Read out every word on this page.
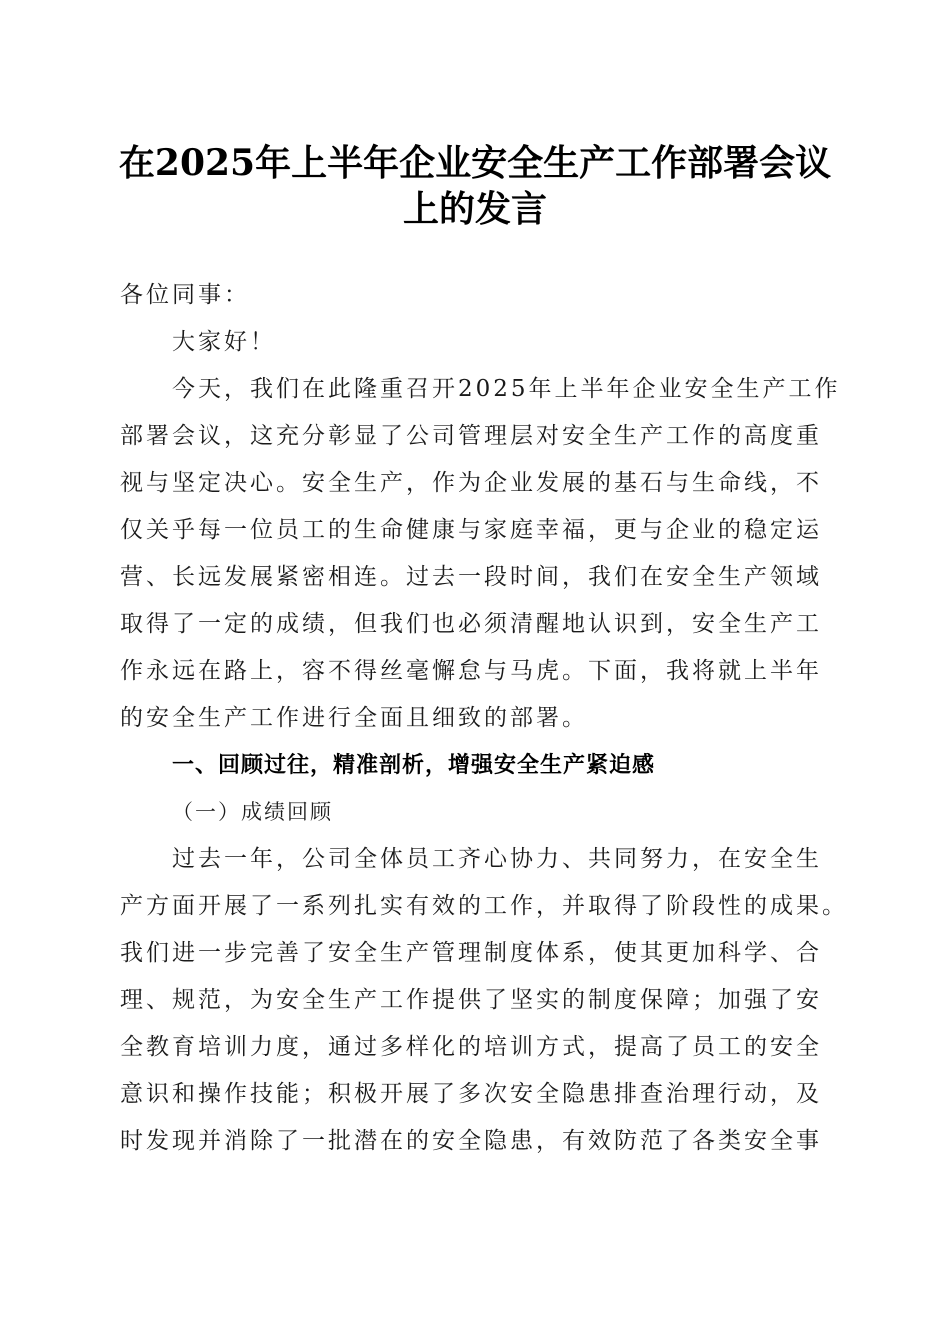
在2025年上半年企业安全生产工作部署会议
上的发言
各位同事：
大家好！
今天，我们在此隆重召开2025年上半年企业安全生产工作
部署会议，这充分彰显了公司管理层对安全生产工作的高度重
视与坚定决心。安全生产，作为企业发展的基石与生命线，不
仅关乎每一位员工的生命健康与家庭幸福，更与企业的稳定运
营、长远发展紧密相连。过去一段时间，我们在安全生产领域
取得了一定的成绩，但我们也必须清醒地认识到，安全生产工
作永远在路上，容不得丝毫懈怠与马虎。下面，我将就上半年
的安全生产工作进行全面且细致的部署。
一、回顾过往，精准剖析，增强安全生产紧迫感
（一）成绩回顾
过去一年，公司全体员工齐心协力、共同努力，在安全生
产方面开展了一系列扎实有效的工作，并取得了阶段性的成果。
我们进一步完善了安全生产管理制度体系，使其更加科学、合
理、规范，为安全生产工作提供了坚实的制度保障；加强了安
全教育培训力度，通过多样化的培训方式，提高了员工的安全
意识和操作技能；积极开展了多次安全隐患排查治理行动，及
时发现并消除了一批潜在的安全隐患，有效防范了各类安全事
